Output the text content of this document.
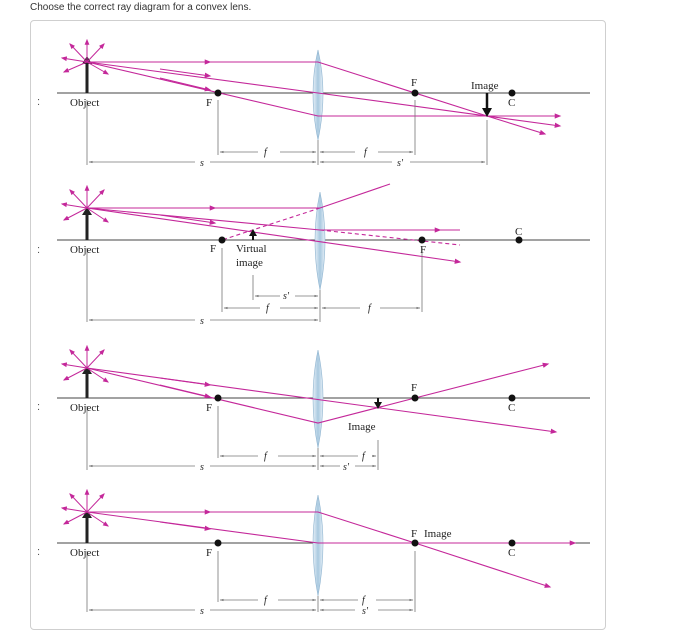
Choose the correct ray diagram for a convex lens.
:
:
:
:
Object	F
F
C
Image
f	f
s	s'
Object	F	F
C
Virtual
image
s'
f	f
s
Object	F
F
C
Image
f	f
s	s'
Object	F
F
C
Image
f	f
s	s'
